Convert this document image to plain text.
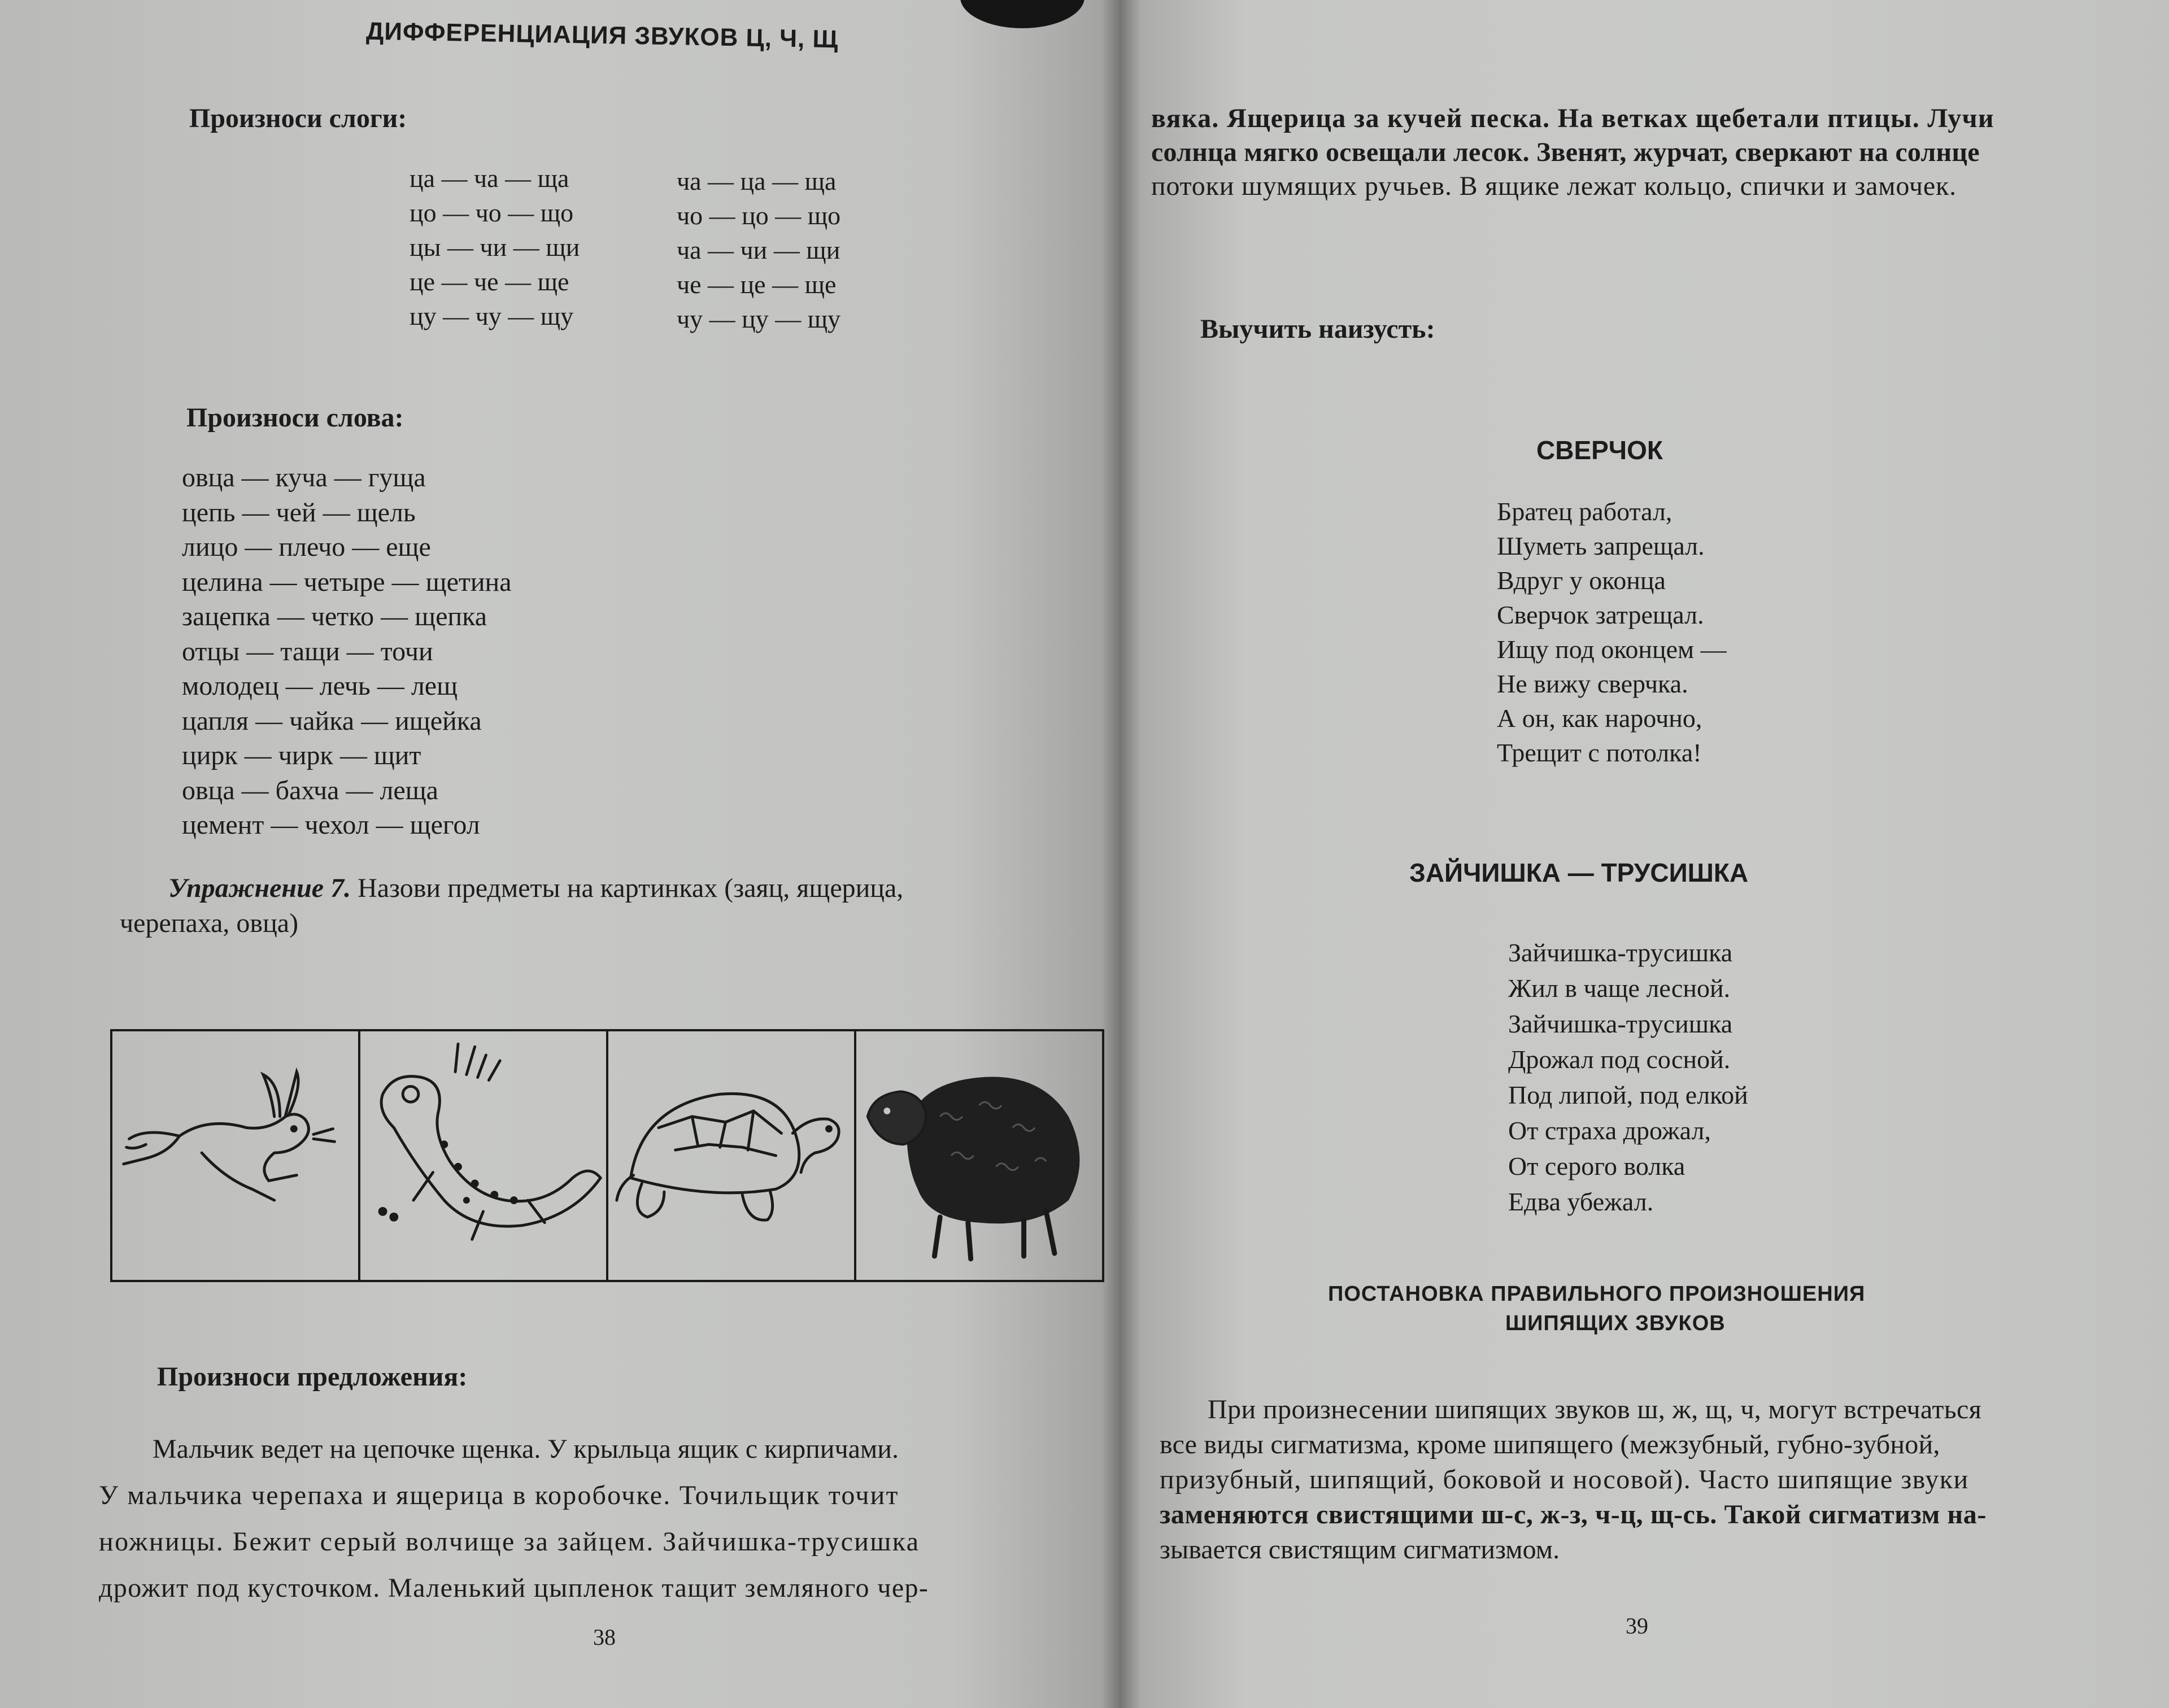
ДИФФЕРЕНЦИАЦИЯ ЗВУКОВ Ц, Ч, Щ

Произноси слоги:

ца — ча — ща
цо — чо — що
цы — чи — щи
це — че — ще
цу — чу — щу
ча — ца — ща
чо — цо — що
ча — чи — щи
че — це — ще
чу — цу — щу

Произноси слова:

овца — куча — гуща
цепь — чей — щель
лицо — плечо — еще
целина — четыре — щетина
зацепка — четко — щепка
отцы — тащи — точи
молодец — лечь — лещ
цапля — чайка — ищейка
цирк — чирк — щит
овца — бахча — леща
цемент — чехол — щегол

Упражнение 7. Назови предметы на картинках (заяц, ящерица,

черепаха, овца)

Произноси предложения:

Мальчик ведет на цепочке щенка. У крыльца ящик с кирпичами.
У мальчика черепаха и ящерица в коробочке. Точильщик точит
ножницы. Бежит серый волчище за зайцем. Зайчишка-трусишка
дрожит под кусточком. Маленький цыпленок тащит земляного чер-

38

вяка. Ящерица за кучей песка. На ветках щебетали птицы. Лучи
солнца мягко освещали лесок. Звенят, журчат, сверкают на солнце
потоки шумящих ручьев. В ящике лежат кольцо, спички и замочек.

Выучить наизусть:

СВЕРЧОК

Братец работал,
Шуметь запрещал.
Вдруг у оконца
Сверчок затрещал.
Ищу под оконцем —
Не вижу сверчка.
А он, как нарочно,
Трещит с потолка!

ЗАЙЧИШКА — ТРУСИШКА

Зайчишка-трусишка
Жил в чаще лесной.
Зайчишка-трусишка
Дрожал под сосной.
Под липой, под елкой
От страха дрожал,
От серого волка
Едва убежал.

ПОСТАНОВКА ПРАВИЛЬНОГО ПРОИЗНОШЕНИЯ

ШИПЯЩИХ ЗВУКОВ

При произнесении шипящих звуков ш, ж, щ, ч, могут встречаться
все виды сигматизма, кроме шипящего (межзубный, губно-зубной,
призубный, шипящий, боковой и носовой). Часто шипящие звуки
заменяются свистящими ш-с, ж-з, ч-ц, щ-сь. Такой сигматизм на-
зывается свистящим сигматизмом.

39
